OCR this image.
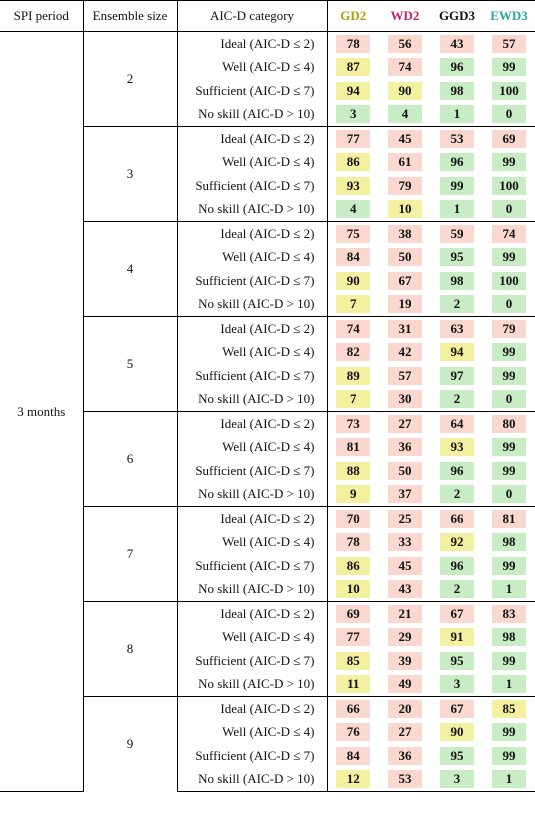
SPI period	Ensemble size	AIC-D category	GD2	WD2	GGD3	EWD3
3 months	2	Ideal (AIC-D ≤ 2)	78	56	43	57
		Well (AIC-D ≤ 4)	87	74	96	99
		Sufficient (AIC-D ≤ 7)	94	90	98	100
		No skill (AIC-D > 10)	3	4	1	0
	3	Ideal (AIC-D ≤ 2)	77	45	53	69
		Well (AIC-D ≤ 4)	86	61	96	99
		Sufficient (AIC-D ≤ 7)	93	79	99	100
		No skill (AIC-D > 10)	4	10	1	0
	4	Ideal (AIC-D ≤ 2)	75	38	59	74
		Well (AIC-D ≤ 4)	84	50	95	99
		Sufficient (AIC-D ≤ 7)	90	67	98	100
		No skill (AIC-D > 10)	7	19	2	0
	5	Ideal (AIC-D ≤ 2)	74	31	63	79
		Well (AIC-D ≤ 4)	82	42	94	99
		Sufficient (AIC-D ≤ 7)	89	57	97	99
		No skill (AIC-D > 10)	7	30	2	0
	6	Ideal (AIC-D ≤ 2)	73	27	64	80
		Well (AIC-D ≤ 4)	81	36	93	99
		Sufficient (AIC-D ≤ 7)	88	50	96	99
		No skill (AIC-D > 10)	9	37	2	0
	7	Ideal (AIC-D ≤ 2)	70	25	66	81
		Well (AIC-D ≤ 4)	78	33	92	98
		Sufficient (AIC-D ≤ 7)	86	45	96	99
		No skill (AIC-D > 10)	10	43	2	1
	8	Ideal (AIC-D ≤ 2)	69	21	67	83
		Well (AIC-D ≤ 4)	77	29	91	98
		Sufficient (AIC-D ≤ 7)	85	39	95	99
		No skill (AIC-D > 10)	11	49	3	1
	9	Ideal (AIC-D ≤ 2)	66	20	67	85
		Well (AIC-D ≤ 4)	76	27	90	99
		Sufficient (AIC-D ≤ 7)	84	36	95	99
		No skill (AIC-D > 10)	12	53	3	1
